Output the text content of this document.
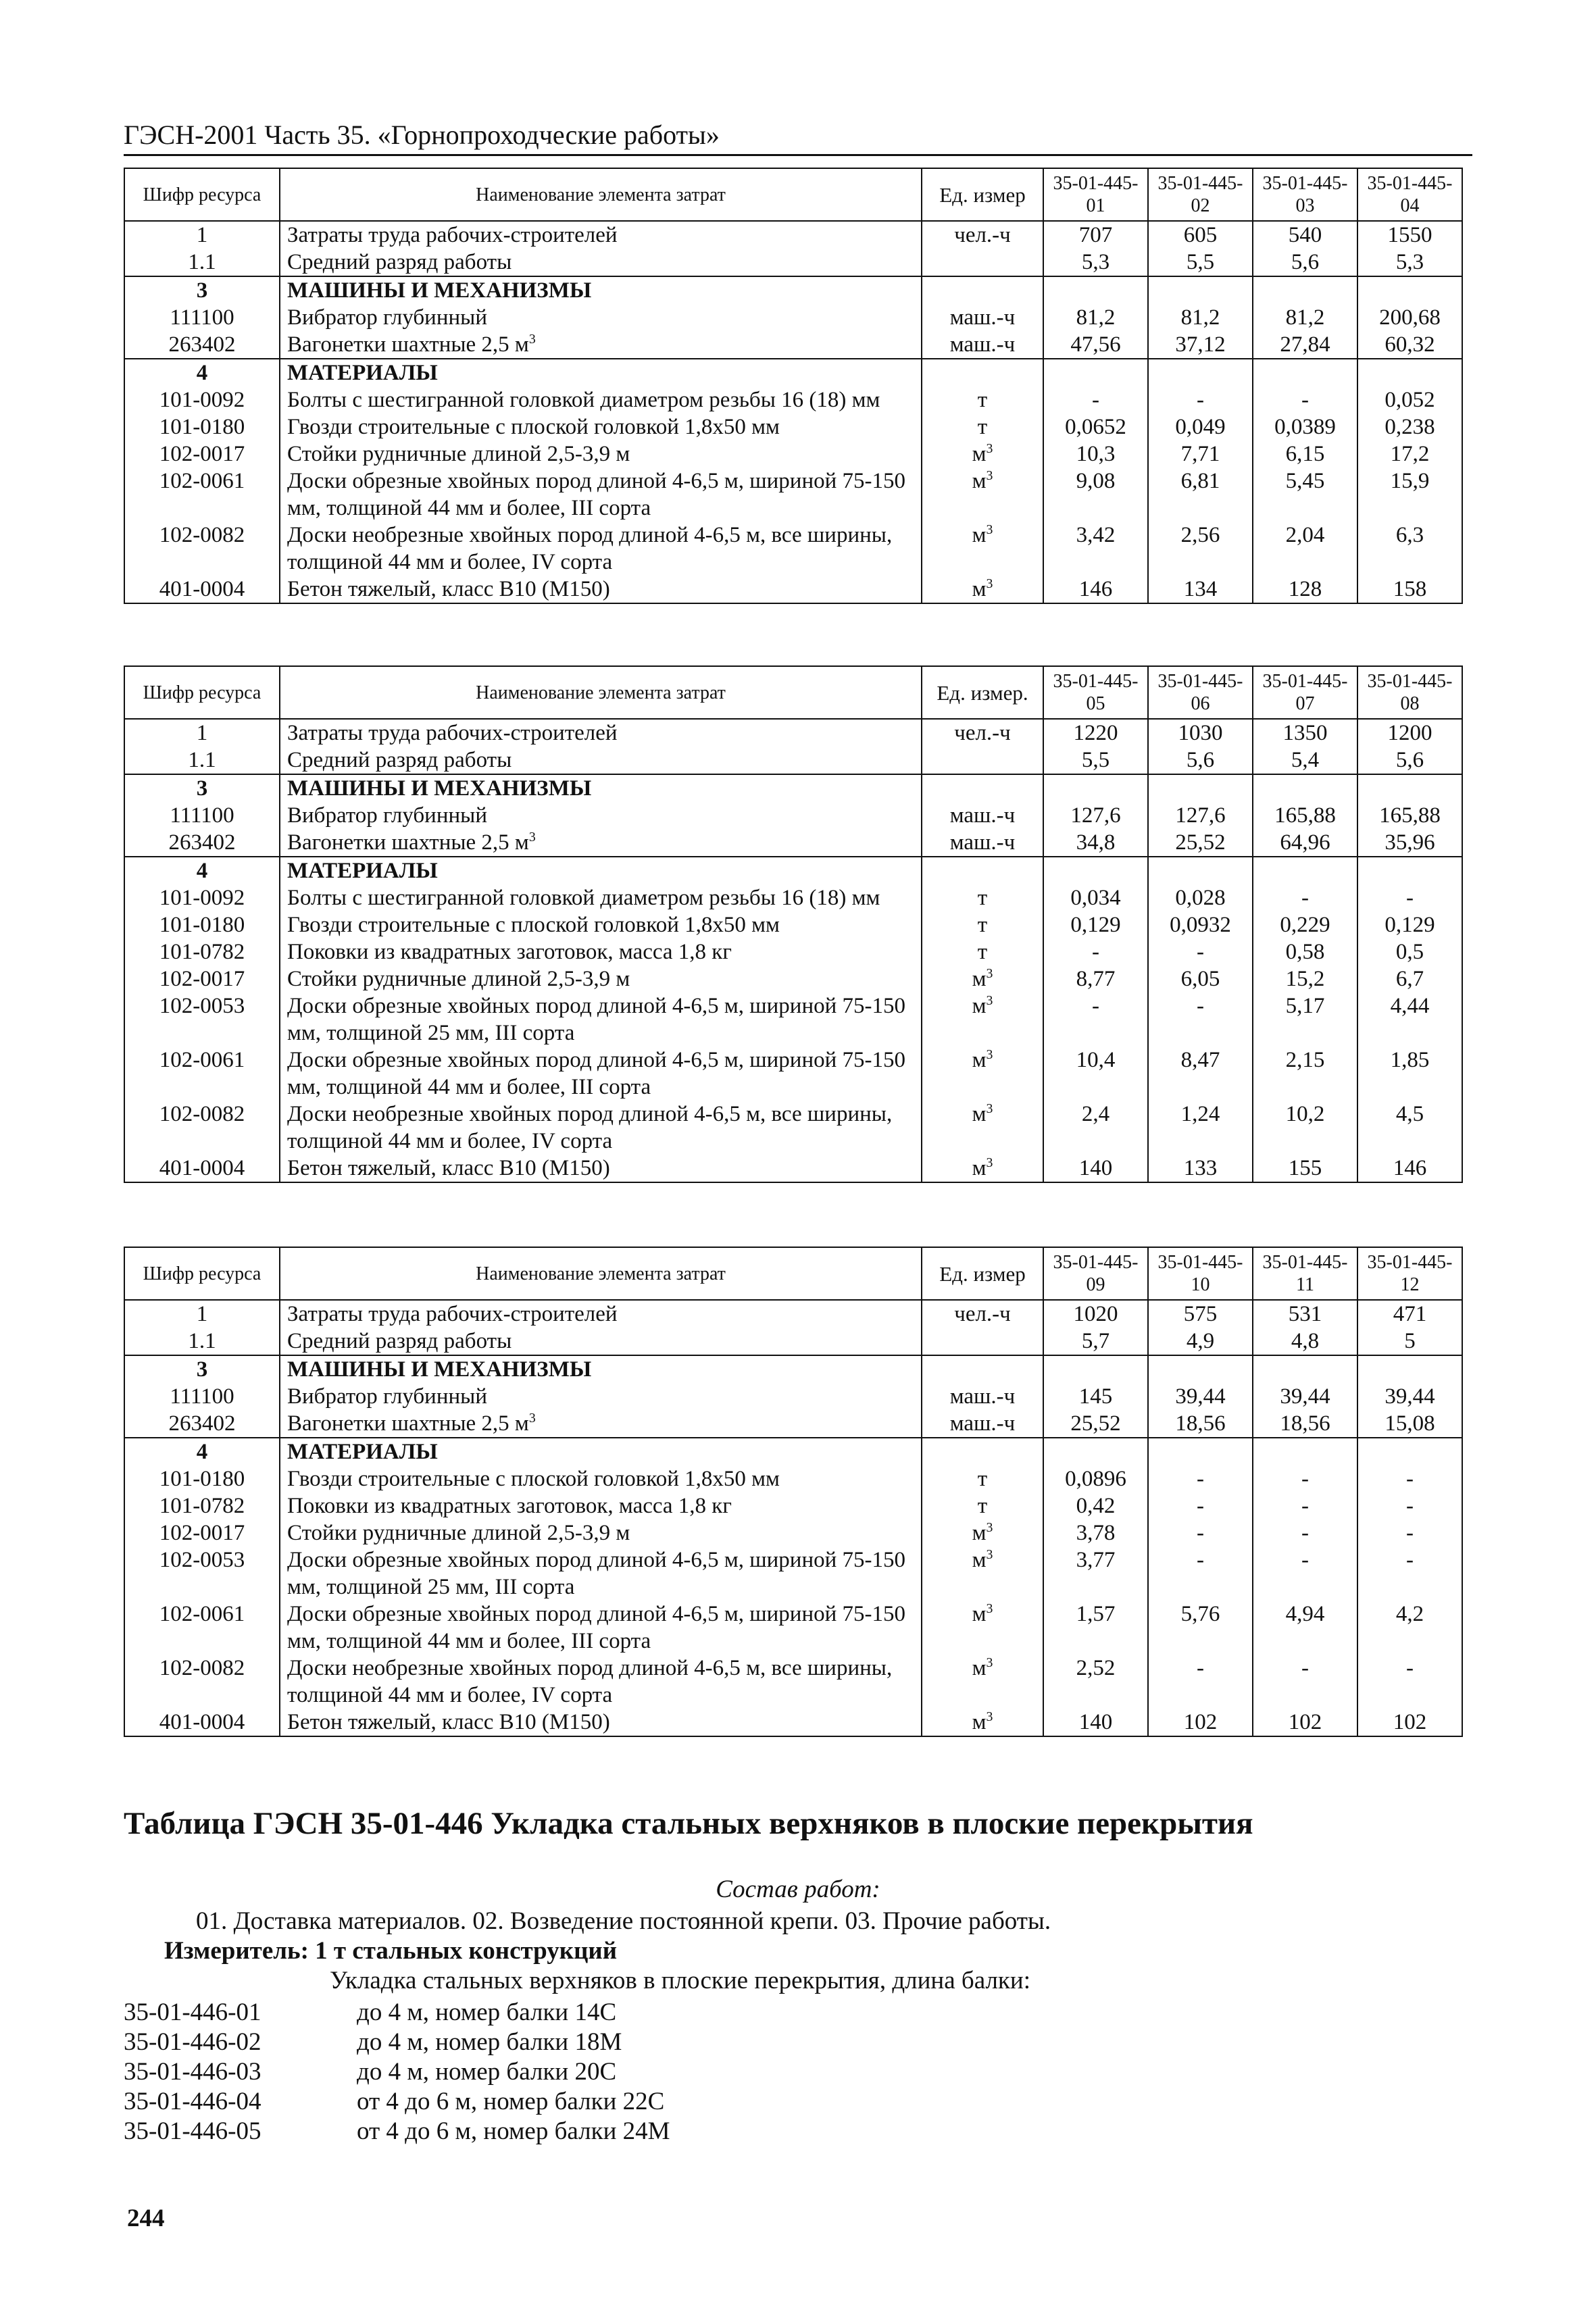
ГЭСН-2001 Часть 35. «Горнопроходческие работы»
Шифр ресурса	Наименование элемента затрат	Ед. измер	35-01-445-01	35-01-445-02	35-01-445-03	35-01-445-04
1	Затраты труда рабочих-строителей	чел.-ч	707	605	540	1550
1.1	Средний разряд работы		5,3	5,5	5,6	5,3
3	МАШИНЫ И МЕХАНИЗМЫ					
111100	Вибратор глубинный	маш.-ч	81,2	81,2	81,2	200,68
263402	Вагонетки шахтные 2,5 $м^3$	маш.-ч	47,56	37,12	27,84	60,32
4	МАТЕРИАЛЫ					
101-0092	Болты с шестигранной головкой диаметром резьбы 16 (18) мм	т	-	-	-	0,052
101-0180	Гвозди строительные с плоской головкой 1,8х50 мм	т	0,0652	0,049	0,0389	0,238
102-0017	Стойки рудничные длиной 2,5-3,9 м	$м^3$	10,3	7,71	6,15	17,2
102-0061	Доски обрезные хвойных пород длиной 4-6,5 м, шириной 75-150 мм, толщиной 44 мм и более, III сорта	$м^3$	9,08	6,81	5,45	15,9
102-0082	Доски необрезные хвойных пород длиной 4-6,5 м, все ширины, толщиной 44 мм и более, IV сорта	$м^3$	3,42	2,56	2,04	6,3
401-0004	Бетон тяжелый, класс В10 (М150)	$м^3$	146	134	128	158
Шифр ресурса	Наименование элемента затрат	Ед. измер.	35-01-445-05	35-01-445-06	35-01-445-07	35-01-445-08
1	Затраты труда рабочих-строителей	чел.-ч	1220	1030	1350	1200
1.1	Средний разряд работы		5,5	5,6	5,4	5,6
3	МАШИНЫ И МЕХАНИЗМЫ					
111100	Вибратор глубинный	маш.-ч	127,6	127,6	165,88	165,88
263402	Вагонетки шахтные 2,5 $м^3$	маш.-ч	34,8	25,52	64,96	35,96
4	МАТЕРИАЛЫ					
101-0092	Болты с шестигранной головкой диаметром резьбы 16 (18) мм	т	0,034	0,028	-	-
101-0180	Гвозди строительные с плоской головкой 1,8х50 мм	т	0,129	0,0932	0,229	0,129
101-0782	Поковки из квадратных заготовок, масса 1,8 кг	т	-	-	0,58	0,5
102-0017	Стойки рудничные длиной 2,5-3,9 м	$м^3$	8,77	6,05	15,2	6,7
102-0053	Доски обрезные хвойных пород длиной 4-6,5 м, шириной 75-150 мм, толщиной 25 мм, III сорта	$м^3$	-	-	5,17	4,44
102-0061	Доски обрезные хвойных пород длиной 4-6,5 м, шириной 75-150 мм, толщиной 44 мм и более, III сорта	$м^3$	10,4	8,47	2,15	1,85
102-0082	Доски необрезные хвойных пород длиной 4-6,5 м, все ширины, толщиной 44 мм и более, IV сорта	$м^3$	2,4	1,24	10,2	4,5
401-0004	Бетон тяжелый, класс В10 (М150)	$м^3$	140	133	155	146
Шифр ресурса	Наименование элемента затрат	Ед. измер	35-01-445-09	35-01-445-10	35-01-445-11	35-01-445-12
1	Затраты труда рабочих-строителей	чел.-ч	1020	575	531	471
1.1	Средний разряд работы		5,7	4,9	4,8	5
3	МАШИНЫ И МЕХАНИЗМЫ					
111100	Вибратор глубинный	маш.-ч	145	39,44	39,44	39,44
263402	Вагонетки шахтные 2,5 $м^3$	маш.-ч	25,52	18,56	18,56	15,08
4	МАТЕРИАЛЫ					
101-0180	Гвозди строительные с плоской головкой 1,8х50 мм	т	0,0896	-	-	-
101-0782	Поковки из квадратных заготовок, масса 1,8 кг	т	0,42	-	-	-
102-0017	Стойки рудничные длиной 2,5-3,9 м	$м^3$	3,78	-	-	-
102-0053	Доски обрезные хвойных пород длиной 4-6,5 м, шириной 75-150 мм, толщиной 25 мм, III сорта	$м^3$	3,77	-	-	-
102-0061	Доски обрезные хвойных пород длиной 4-6,5 м, шириной 75-150 мм, толщиной 44 мм и более, III сорта	$м^3$	1,57	5,76	4,94	4,2
102-0082	Доски необрезные хвойных пород длиной 4-6,5 м, все ширины, толщиной 44 мм и более, IV сорта	$м^3$	2,52	-	-	-
401-0004	Бетон тяжелый, класс В10 (М150)	$м^3$	140	102	102	102
Таблица ГЭСН 35-01-446 Укладка стальных верхняков в плоские перекрытия
Состав работ:
01. Доставка материалов. 02. Возведение постоянной крепи. 03. Прочие работы.
Измеритель: 1 т стальных конструкций
Укладка стальных верхняков в плоские перекрытия, длина балки:
35-01-446-01	до 4 м, номер балки 14С
35-01-446-02	до 4 м, номер балки 18М
35-01-446-03	до 4 м, номер балки 20С
35-01-446-04	от 4 до 6 м, номер балки 22С
35-01-446-05	от 4 до 6 м, номер балки 24М
244
